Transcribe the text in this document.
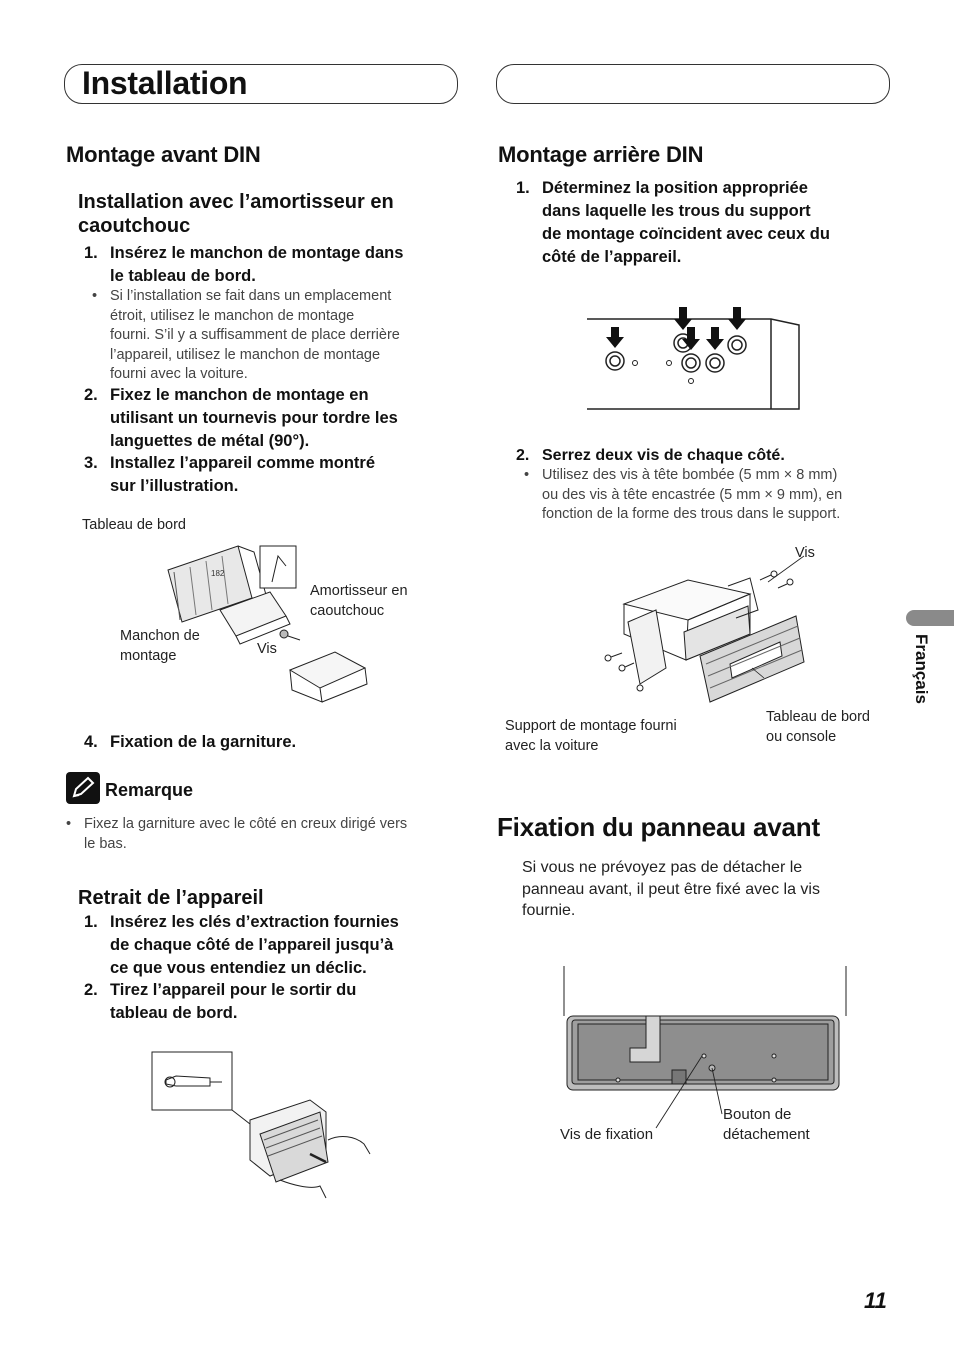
Installation
Montage avant DIN
Installation avec l’amortisseur en
caoutchouc
1. Insérez le manchon de montage dans
le tableau de bord.
• Si l’installation se fait dans un emplacement
étroit, utilisez le manchon de montage
fourni. S’il y a suffisamment de place derrière
l’appareil, utilisez le manchon de montage
fourni avec la voiture.
2. Fixez le manchon de montage en
utilisant un tournevis pour tordre les
languettes de métal (90°).
3. Installez l’appareil comme montré
sur l’illustration.
Tableau de bord
Amortisseur en
caoutchouc
Manchon de
montage	Vis
182
4. Fixation de la garniture.
Remarque
• Fixez la garniture avec le côté en creux dirigé vers
le bas.
Retrait de l’appareil
1. Insérez les clés d’extraction fournies
de chaque côté de l’appareil jusqu’à
ce que vous entendiez un déclic.
2. Tirez l’appareil pour le sortir du
tableau de bord.
Montage arrière DIN
1. Déterminez la position appropriée
dans laquelle les trous du support
de montage coïncident avec ceux du
côté de l’appareil.
2. Serrez deux vis de chaque côté.
• Utilisez des vis à tête bombée (5 mm × 8 mm)
ou des vis à tête encastrée (5 mm × 9 mm), en
fonction de la forme des trous dans le support.
Vis
Support de montage fourni
avec la voiture
Tableau de bord
ou console
Fixation du panneau avant
Si vous ne prévoyez pas de détacher le
panneau avant, il peut être fixé avec la vis
fournie.
Vis de fixation
Bouton de
détachement
Français
11
